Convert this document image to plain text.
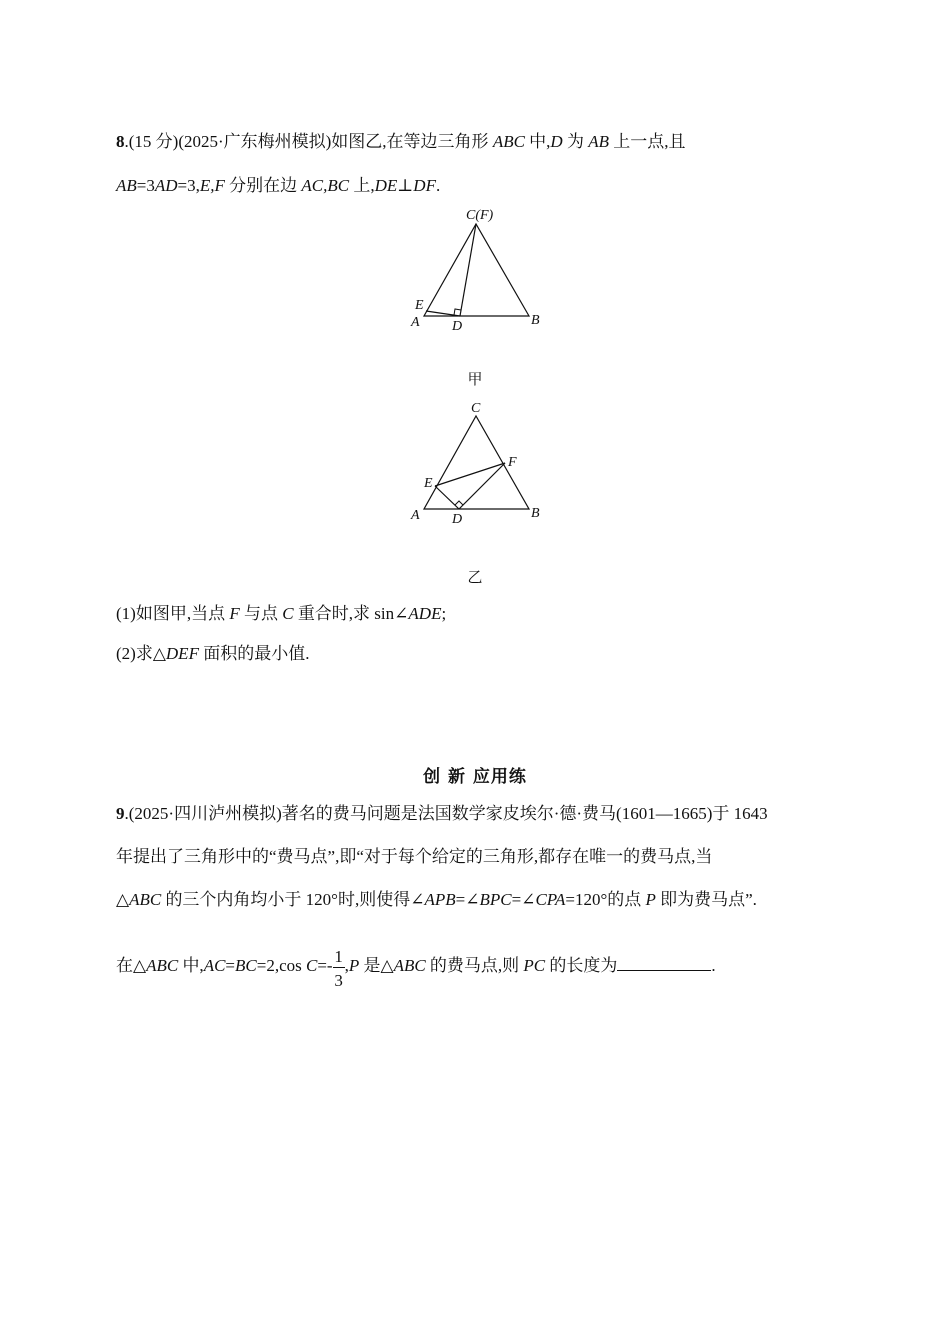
8.(15 分)(2025·广东梅州模拟)如图乙,在等边三角形 ABC 中,D 为 AB 上一点,且
AB=3AD=3,E,F 分别在边 AC,BC 上,DE⊥DF.
C(F)
E
A D	B
甲
C
F
E
A D	B
乙
(1)如图甲,当点 F 与点 C 重合时,求 sin∠ADE;
(2)求△DEF 面积的最小值.
创 新 应用练
9.(2025·四川泸州模拟)著名的费马问题是法国数学家皮埃尔·德·费马(1601—1665)于 1643
年提出了三角形中的“费马点”,即“对于每个给定的三角形,都存在唯一的费马点,当
△ABC 的三个内角均小于 120°时,则使得∠APB=∠BPC=∠CPA=120°的点 P 即为费马点”.
在△ABC 中,AC=BC=2,cos C=-
$\frac{1}{3}$
,P 是△ABC 的费马点,则 PC 的长度为	.
